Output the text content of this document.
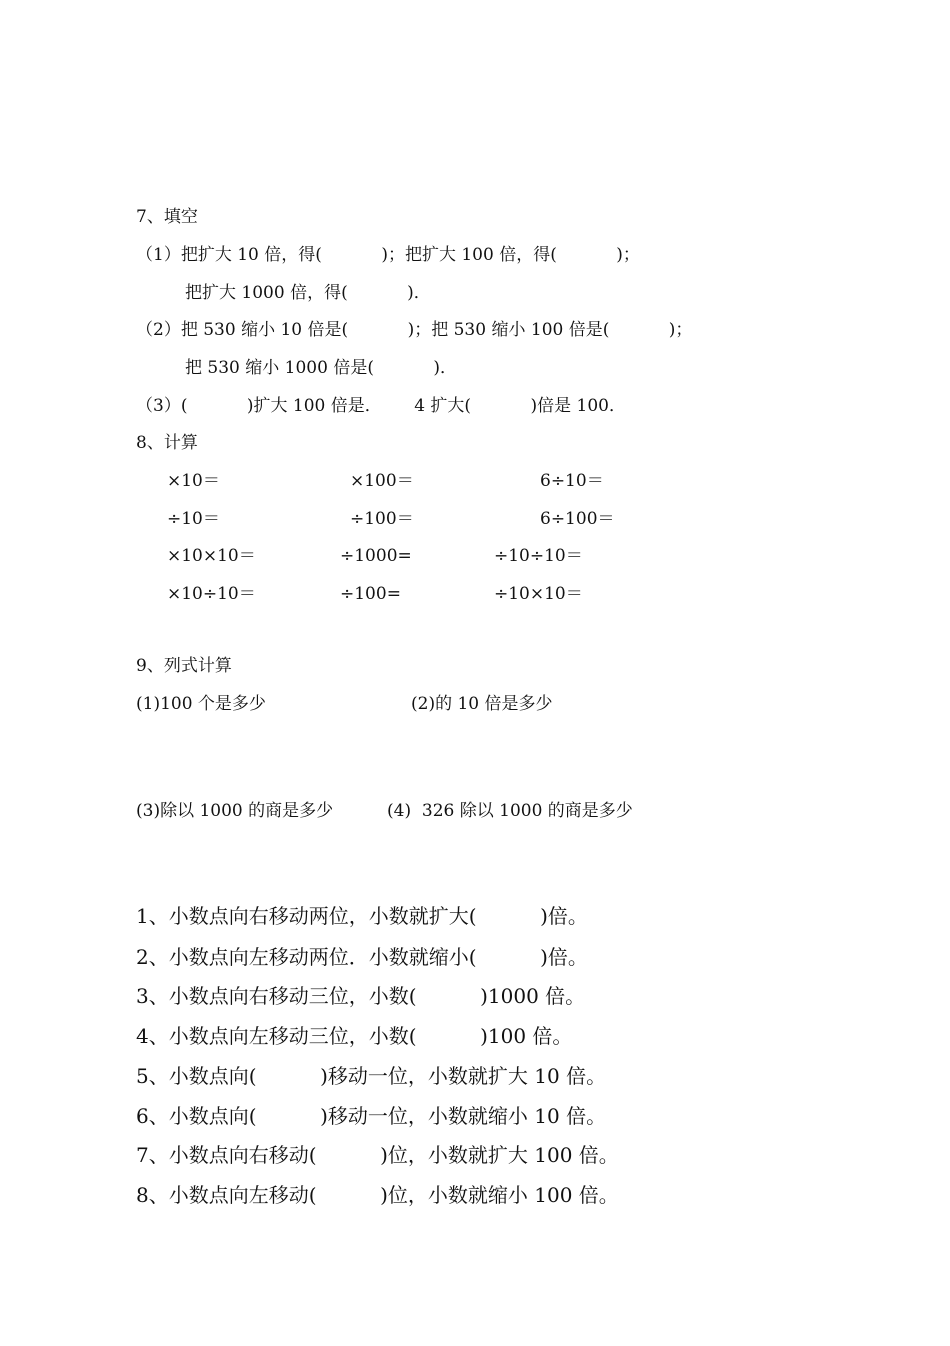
7、填空
（1）把扩大 10 倍，得(           )；把扩大 100 倍，得(           )；
把扩大 1000 倍，得(           )．
（2）把 530 缩小 10 倍是(           )；把 530 缩小 100 倍是(           )；
把 530 缩小 1000 倍是(           )．
（3）(           )扩大 100 倍是．      4 扩大(           )倍是 100．
8、计算
×10＝	×100＝	6÷10＝
÷10＝	÷100＝	6÷100＝
×10×10＝	÷1000=	÷10÷10＝
×10÷10＝	÷100=	÷10×10＝
9、列式计算
(1)100 个是多少	(2)的 10 倍是多少
(3)除以 1000 的商是多少	(4)  326 除以 1000 的商是多少
1、小数点向右移动两位，小数就扩大(          )倍。
2、小数点向左移动两位．小数就缩小(          )倍。
3、小数点向右移动三位，小数(          )1000 倍。
4、小数点向左移动三位，小数(          )100 倍。
5、小数点向(          )移动一位，小数就扩大 10 倍。
6、小数点向(          )移动一位，小数就缩小 10 倍。
7、小数点向右移动(          )位，小数就扩大 100 倍。
8、小数点向左移动(          )位，小数就缩小 100 倍。
